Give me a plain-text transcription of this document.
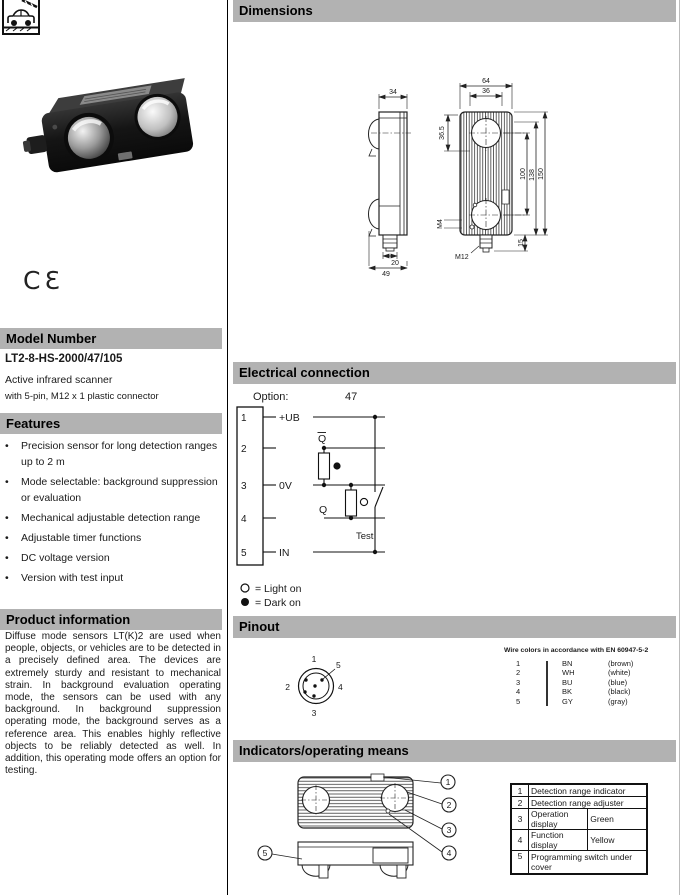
CƐ
Model Number
LT2-8-HS-2000/47/105
Active infrared scanner
with 5-pin, M12 x 1 plastic connector
Features
•	Precision sensor for long detection ranges up to 2 m
•	Mode selectable: background suppression or evaluation
•	Mechanical adjustable detection range
•	Adjustable timer functions
•	DC voltage version
•	Version with test input
Product information

Diffuse mode sensors LT(K)2 are used when people, objects, or vehicles are to be detected in a precisely defined area. The devices are extremely sturdy and resistant to mechanical strain. In background evaluation operating mode, the sensors can be used with any background. In background suppression operating mode, the background serves as a reference area. This enables highly reflective objects to be reliably detected as well. In addition, this operating mode offers an option for testing.

Dimensions
34
20
49
64
36
36.5
100 138 150
15
M4
M12
Electrical connection
Option:	47
1
2
3
4
5
+UB
0V
IN
Q
Q
Test
= Light on
= Dark on
Pinout
1
2
3
4
5
Wire colors in accordance with EN 60947-5-2
1	BN	(brown)
2	WH	(white)
3	BU	(blue)
4	BK	(black)
5	GY	(gray)
Indicators/operating means
1
2
3
4
5
1	Detection range indicator	
2	Detection range adjuster	
3	Operation display	Green
4	Function display	Yellow
5	Programming switch under cover	
